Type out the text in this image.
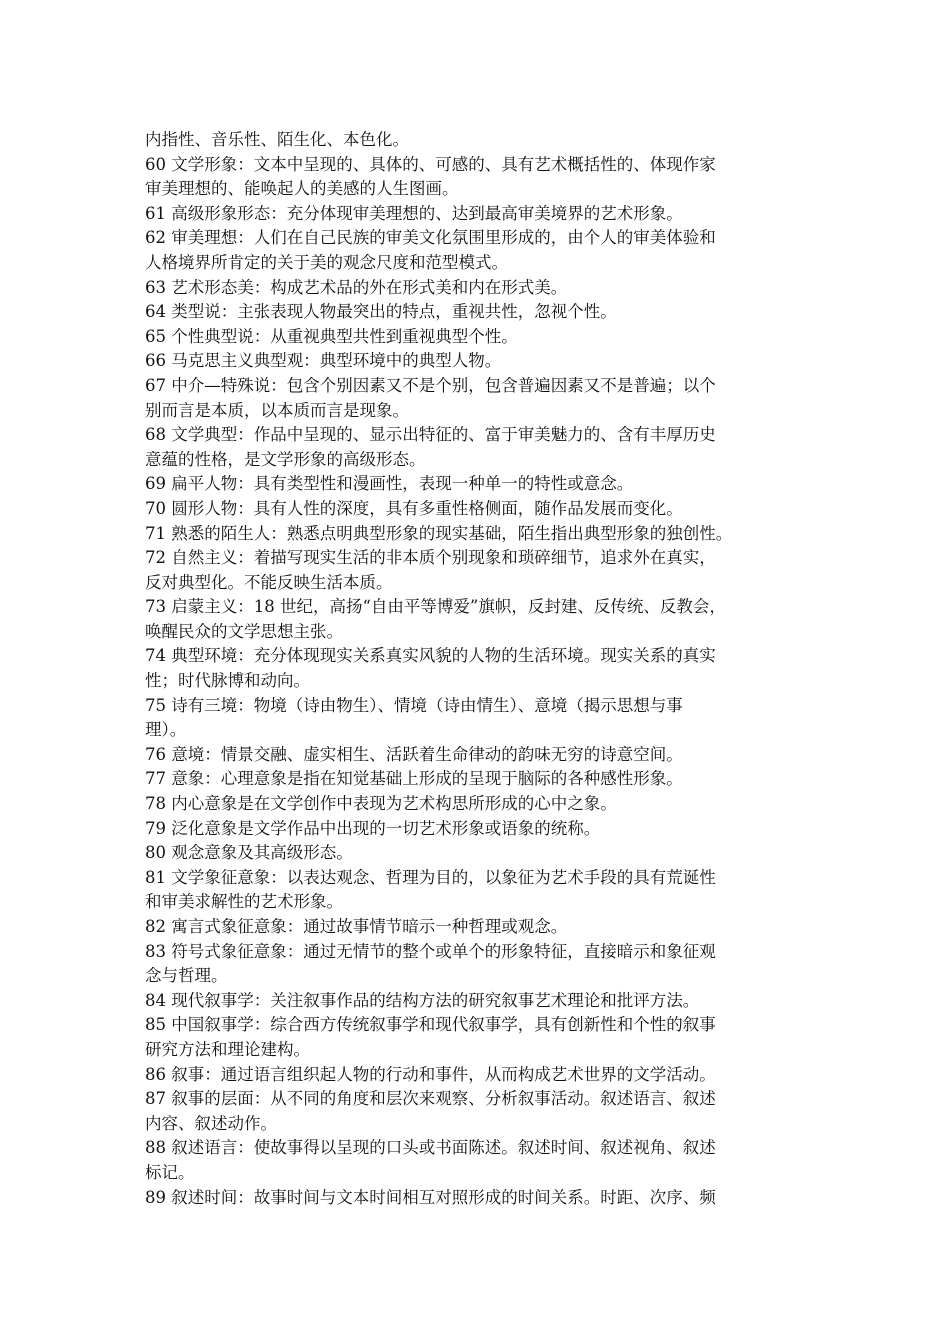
内指性、音乐性、陌生化、本色化。
60 文学形象：文本中呈现的、具体的、可感的、具有艺术概括性的、体现作家
审美理想的、能唤起人的美感的人生图画。
61 高级形象形态：充分体现审美理想的、达到最高审美境界的艺术形象。
62 审美理想：人们在自己民族的审美文化氛围里形成的，由个人的审美体验和
人格境界所肯定的关于美的观念尺度和范型模式。
63 艺术形态美：构成艺术品的外在形式美和内在形式美。
64 类型说：主张表现人物最突出的特点，重视共性，忽视个性。
65 个性典型说：从重视典型共性到重视典型个性。
66 马克思主义典型观：典型环境中的典型人物。
67 中介—特殊说：包含个别因素又不是个别，包含普遍因素又不是普遍；以个
别而言是本质，以本质而言是现象。
68 文学典型：作品中呈现的、显示出特征的、富于审美魅力的、含有丰厚历史
意蕴的性格，是文学形象的高级形态。
69 扁平人物：具有类型性和漫画性，表现一种单一的特性或意念。
70 圆形人物：具有人性的深度，具有多重性格侧面，随作品发展而变化。
71 熟悉的陌生人：熟悉点明典型形象的现实基础，陌生指出典型形象的独创性。
72 自然主义：着描写现实生活的非本质个别现象和琐碎细节，追求外在真实，
反对典型化。不能反映生活本质。
73 启蒙主义：18 世纪，高扬“自由平等博爱”旗帜，反封建、反传统、反教会，
唤醒民众的文学思想主张。
74 典型环境：充分体现现实关系真实风貌的人物的生活环境。现实关系的真实
性；时代脉博和动向。
75 诗有三境：物境（诗由物生）、情境（诗由情生）、意境（揭示思想与事
理）。
76 意境：情景交融、虚实相生、活跃着生命律动的韵味无穷的诗意空间。
77 意象：心理意象是指在知觉基础上形成的呈现于脑际的各种感性形象。
78 内心意象是在文学创作中表现为艺术构思所形成的心中之象。
79 泛化意象是文学作品中出现的一切艺术形象或语象的统称。
80 观念意象及其高级形态。
81 文学象征意象：以表达观念、哲理为目的，以象征为艺术手段的具有荒诞性
和审美求解性的艺术形象。
82 寓言式象征意象：通过故事情节暗示一种哲理或观念。
83 符号式象征意象：通过无情节的整个或单个的形象特征，直接暗示和象征观
念与哲理。
84 现代叙事学：关注叙事作品的结构方法的研究叙事艺术理论和批评方法。
85 中国叙事学：综合西方传统叙事学和现代叙事学，具有创新性和个性的叙事
研究方法和理论建构。
86 叙事：通过语言组织起人物的行动和事件，从而构成艺术世界的文学活动。
87 叙事的层面：从不同的角度和层次来观察、分析叙事活动。叙述语言、叙述
内容、叙述动作。
88 叙述语言：使故事得以呈现的口头或书面陈述。叙述时间、叙述视角、叙述
标记。
89 叙述时间：故事时间与文本时间相互对照形成的时间关系。时距、次序、频
